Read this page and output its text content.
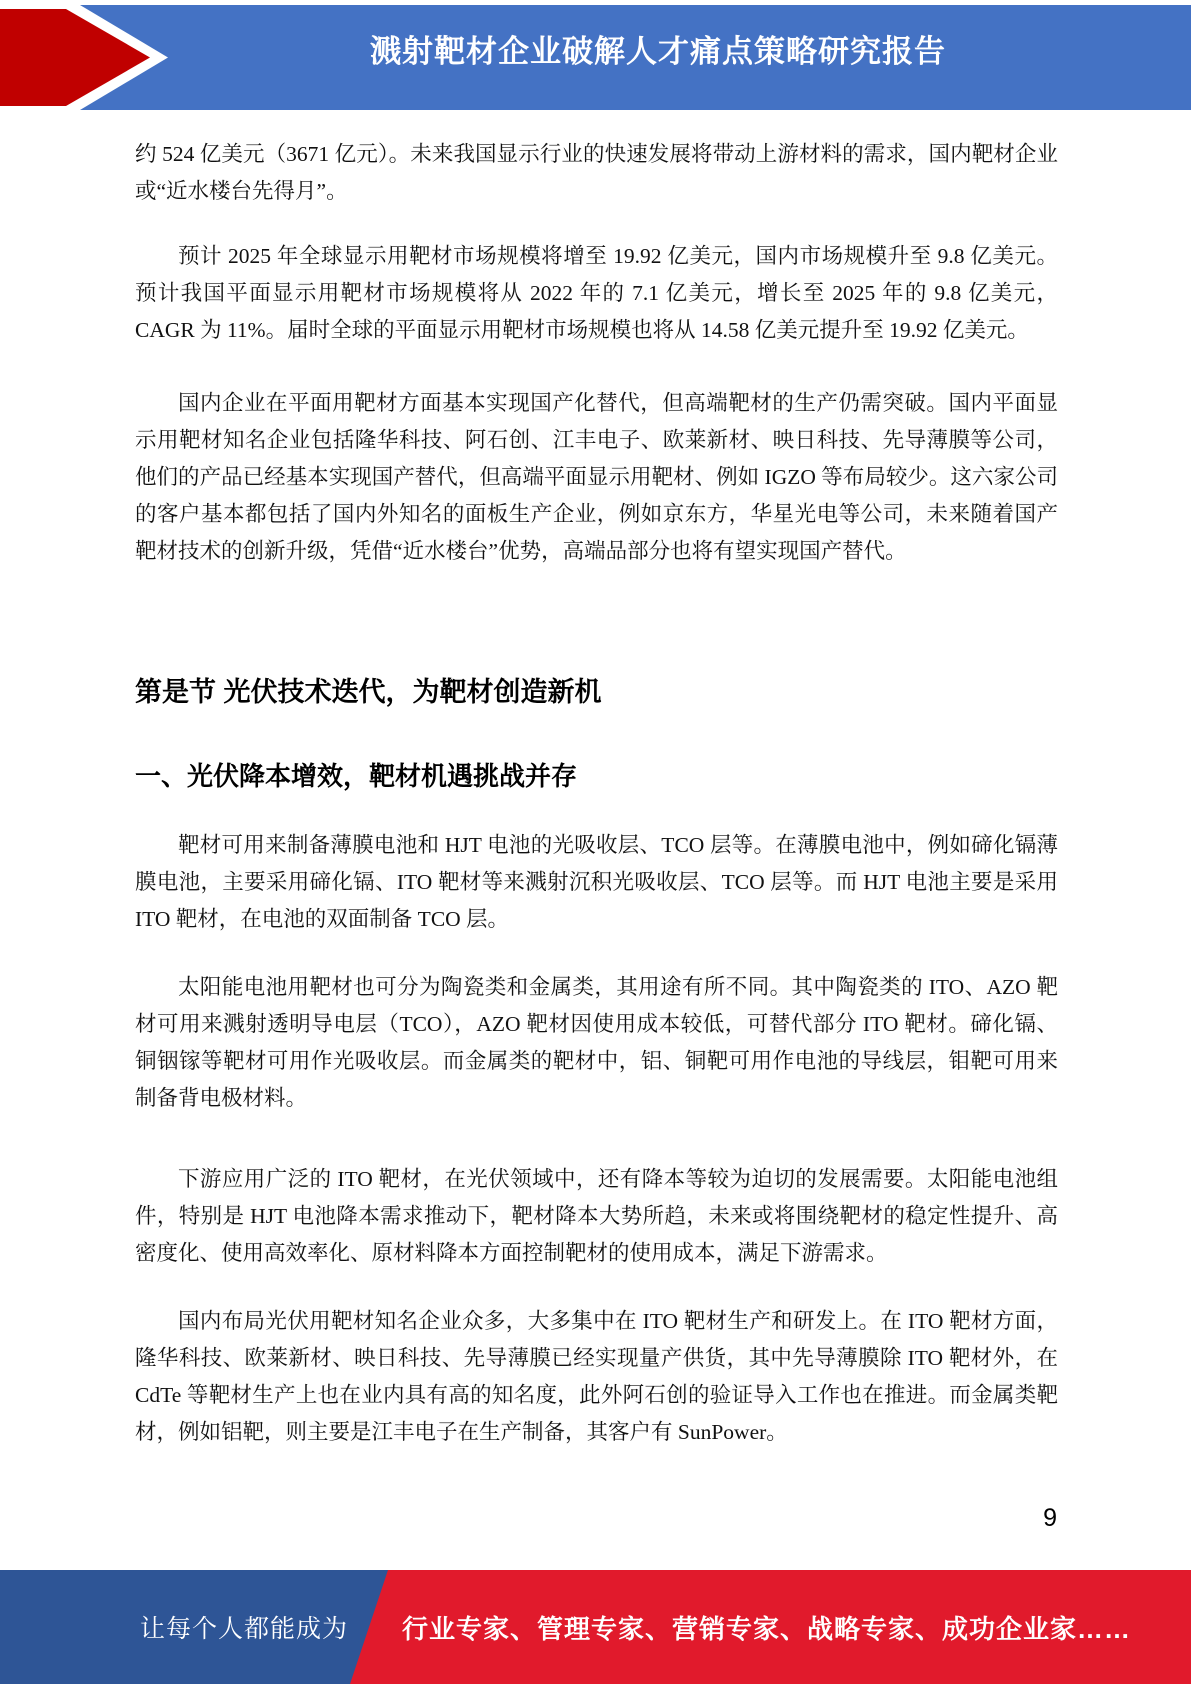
溅射靶材企业破解人才痛点策略研究报告

约 524 亿美元（3671 亿元）。未来我国显示行业的快速发展将带动上游材料的需求，国内靶材企业或“近水楼台先得月”。

预计 2025 年全球显示用靶材市场规模将增至 19.92 亿美元，国内市场规模升至 9.8 亿美元。预计我国平面显示用靶材市场规模将从 2022 年的 7.1 亿美元，增长至 2025 年的 9.8 亿美元，CAGR 为 11%。届时全球的平面显示用靶材市场规模也将从 14.58 亿美元提升至 19.92 亿美元。

国内企业在平面用靶材方面基本实现国产化替代，但高端靶材的生产仍需突破。国内平面显示用靶材知名企业包括隆华科技、阿石创、江丰电子、欧莱新材、映日科技、先导薄膜等公司，他们的产品已经基本实现国产替代，但高端平面显示用靶材、例如 IGZO 等布局较少。这六家公司的客户基本都包括了国内外知名的面板生产企业，例如京东方，华星光电等公司，未来随着国产靶材技术的创新升级，凭借“近水楼台”优势，高端品部分也将有望实现国产替代。

第是节 光伏技术迭代，为靶材创造新机
一、光伏降本增效，靶材机遇挑战并存

靶材可用来制备薄膜电池和 HJT 电池的光吸收层、TCO 层等。在薄膜电池中，例如碲化镉薄膜电池，主要采用碲化镉、ITO 靶材等来溅射沉积光吸收层、TCO 层等。而 HJT 电池主要是采用 ITO 靶材，在电池的双面制备 TCO 层。

太阳能电池用靶材也可分为陶瓷类和金属类，其用途有所不同。其中陶瓷类的 ITO、AZO 靶材可用来溅射透明导电层（TCO），AZO 靶材因使用成本较低，可替代部分 ITO 靶材。碲化镉、铜铟镓等靶材可用作光吸收层。而金属类的靶材中，铝、铜靶可用作电池的导线层，钼靶可用来制备背电极材料。

下游应用广泛的 ITO 靶材，在光伏领域中，还有降本等较为迫切的发展需要。太阳能电池组件，特别是 HJT 电池降本需求推动下，靶材降本大势所趋，未来或将围绕靶材的稳定性提升、高密度化、使用高效率化、原材料降本方面控制靶材的使用成本，满足下游需求。

国内布局光伏用靶材知名企业众多，大多集中在 ITO 靶材生产和研发上。在 ITO 靶材方面，隆华科技、欧莱新材、映日科技、先导薄膜已经实现量产供货，其中先导薄膜除 ITO 靶材外，在 CdTe 等靶材生产上也在业内具有高的知名度，此外阿石创的验证导入工作也在推进。而金属类靶材，例如铝靶，则主要是江丰电子在生产制备，其客户有 SunPower。

9
让每个人都能成为 行业专家、管理专家、营销专家、战略专家、成功企业家……
